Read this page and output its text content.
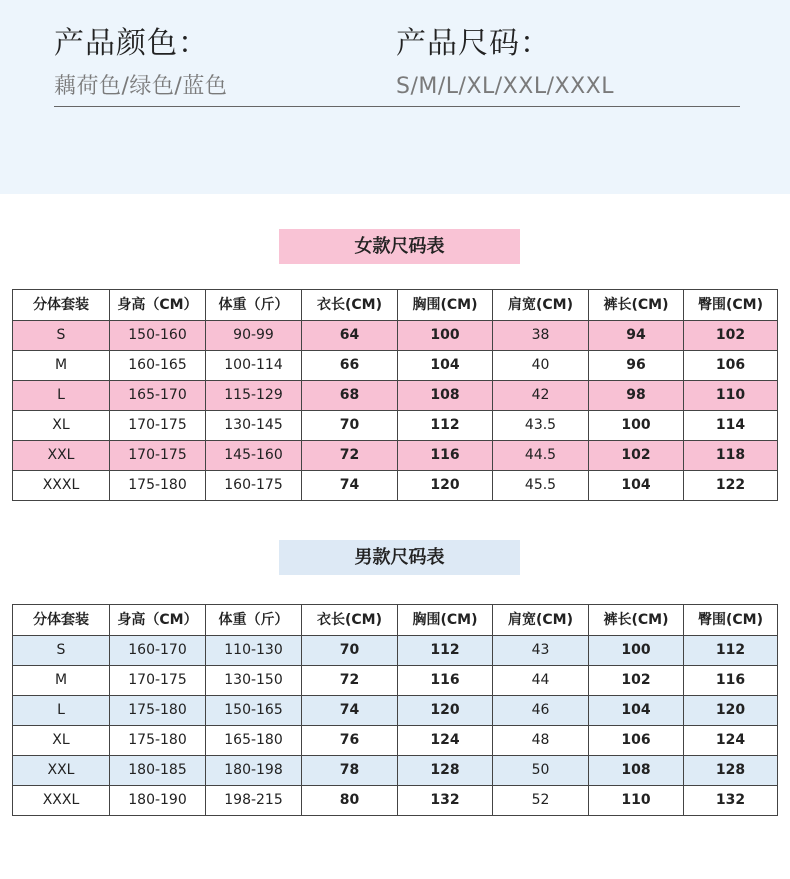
产品颜色：
藕荷色/绿色/蓝色
产品尺码：
S/M/L/XL/XXL/XXXL
女款尺码表
分体套装	身高（CM）	体重（斤）	衣长(CM)	胸围(CM)	肩宽(CM)	裤长(CM)	臀围(CM)
S	150-160	90-99	64	100	38	94	102
M	160-165	100-114	66	104	40	96	106
L	165-170	115-129	68	108	42	98	110
XL	170-175	130-145	70	112	43.5	100	114
XXL	170-175	145-160	72	116	44.5	102	118
XXXL	175-180	160-175	74	120	45.5	104	122
男款尺码表
分体套装	身高（CM）	体重（斤）	衣长(CM)	胸围(CM)	肩宽(CM)	裤长(CM)	臀围(CM)
S	160-170	110-130	70	112	43	100	112
M	170-175	130-150	72	116	44	102	116
L	175-180	150-165	74	120	46	104	120
XL	175-180	165-180	76	124	48	106	124
XXL	180-185	180-198	78	128	50	108	128
XXXL	180-190	198-215	80	132	52	110	132
